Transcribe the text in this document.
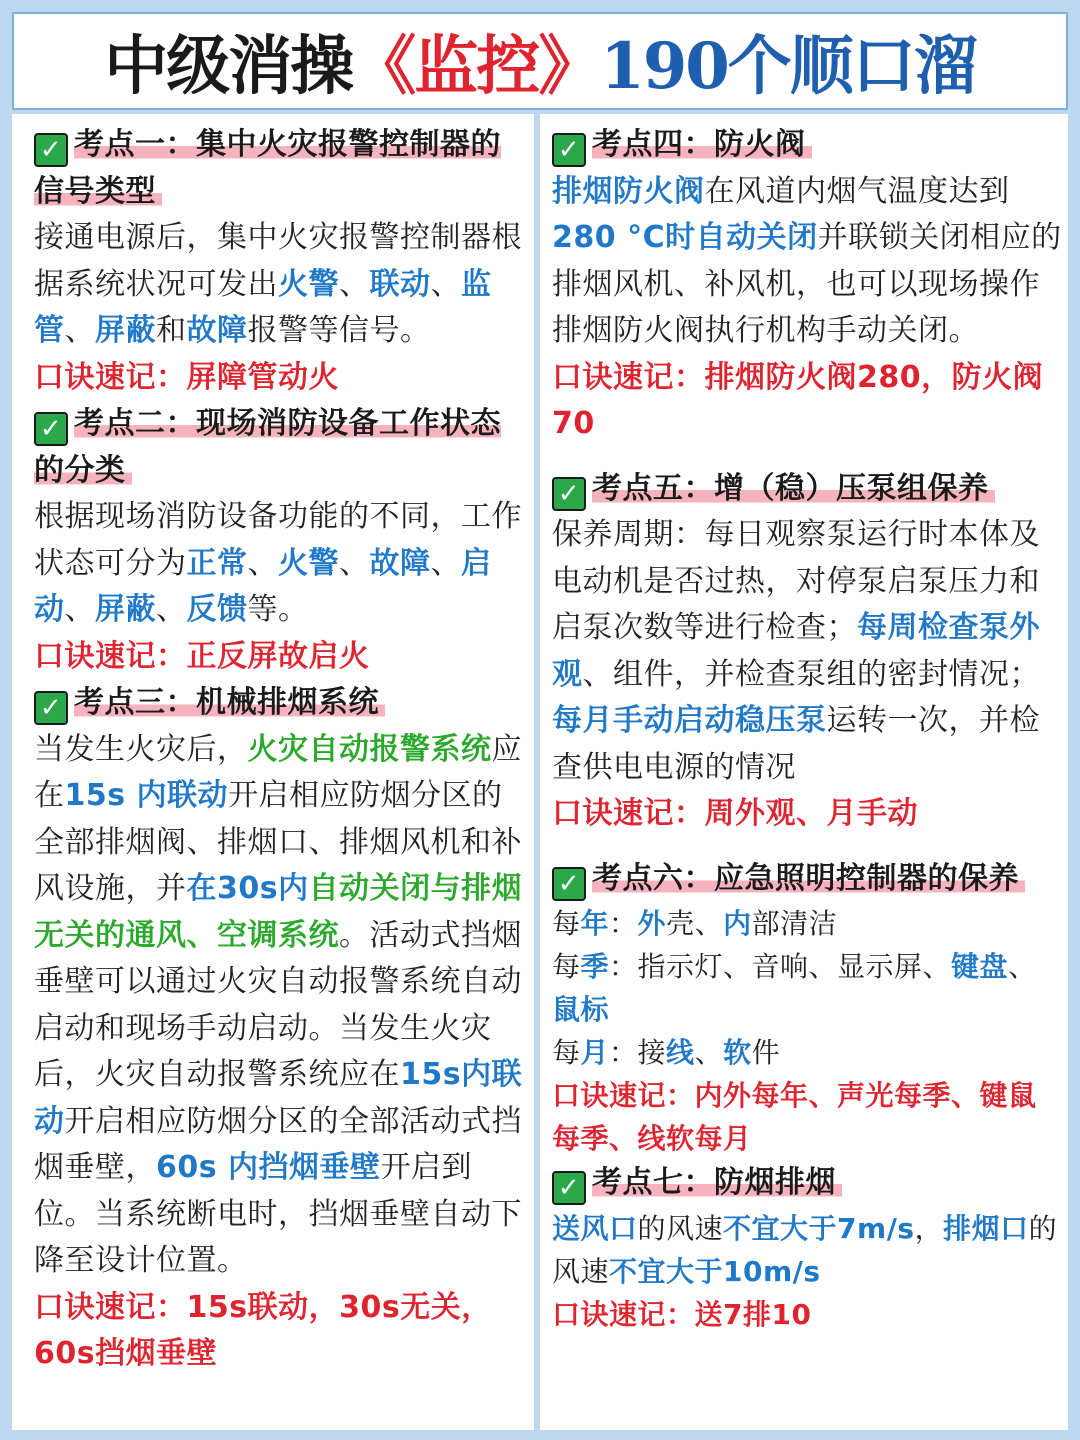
中级消操 《监控》 190个顺口溜

✓ 考点一：集中火灾报警控制器的信号类型

接通电源后，集中火灾报警控制器根据系统状况可发出火警、联动、监管、屏蔽和故障报警等信号。

口诀速记：屏障管动火

✓ 考点二：现场消防设备工作状态的分类

根据现场消防设备功能的不同，工作状态可分为正常、火警、故障、启动、屏蔽、反馈等。

口诀速记：正反屏故启火

✓ 考点三：机械排烟系统

当发生火灾后，火灾自动报警系统应在15s 内联动开启相应防烟分区的全部排烟阀、排烟口、排烟风机和补风设施，并在30s内自动关闭与排烟无关的通风、空调系统。活动式挡烟垂壁可以通过火灾自动报警系统自动启动和现场手动启动。当发生火灾后，火灾自动报警系统应在15s内联动开启相应防烟分区的全部活动式挡烟垂壁，60s 内挡烟垂壁开启到位。当系统断电时，挡烟垂壁自动下降至设计位置。

口诀速记：15s联动，30s无关，60s挡烟垂壁

✓ 考点四：防火阀

排烟防火阀在风道内烟气温度达到280 °C时自动关闭并联锁关闭相应的排烟风机、补风机，也可以现场操作排烟防火阀执行机构手动关闭。

口诀速记：排烟防火阀280，防火阀70

✓ 考点五：增（稳）压泵组保养

保养周期：每日观察泵运行时本体及电动机是否过热，对停泵启泵压力和启泵次数等进行检查；每周检查泵外观、组件，并检查泵组的密封情况；每月手动启动稳压泵运转一次，并检查供电电源的情况

口诀速记：周外观、月手动

✓ 考点六：应急照明控制器的保养

每年：外壳、内部清洁

每季：指示灯、音响、显示屏、键盘、鼠标

每月：接线、软件

口诀速记：内外每年、声光每季、键鼠每季、线软每月

✓ 考点七：防烟排烟

送风口的风速不宜大于7m/s，排烟口的风速不宜大于10m/s

口诀速记：送7排10
